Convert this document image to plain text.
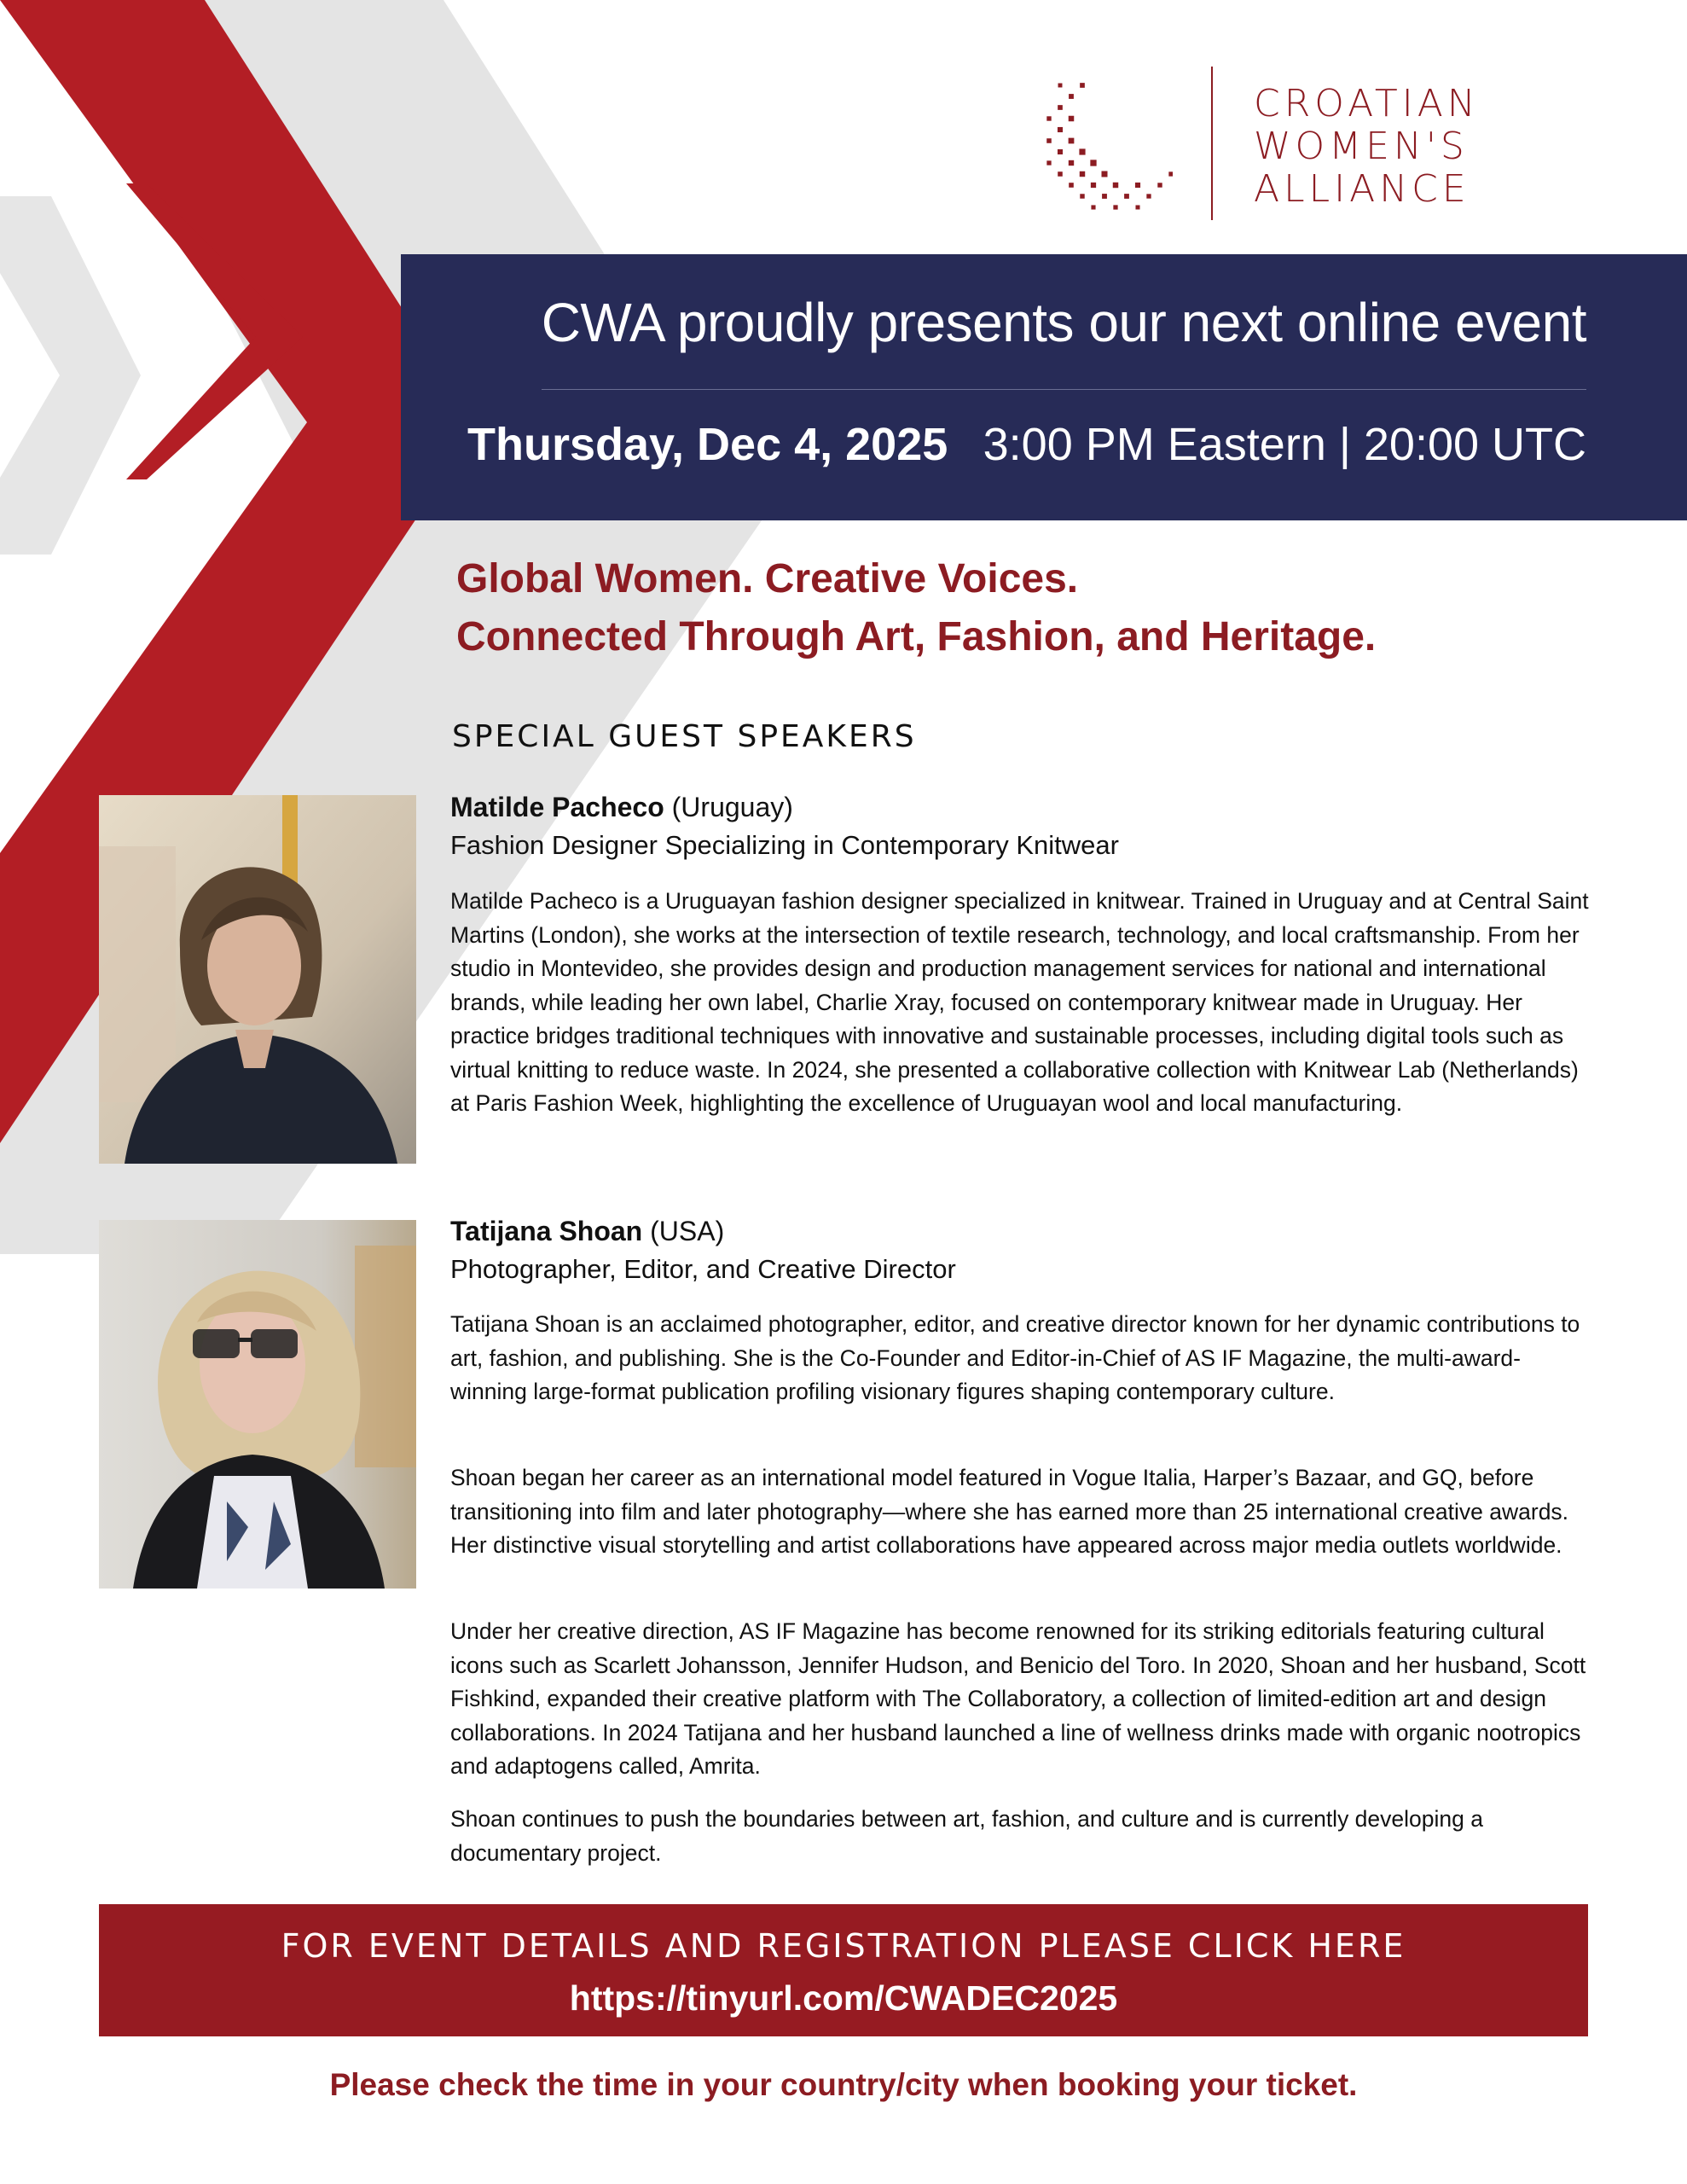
CROATIAN
WOMEN'S
ALLIANCE
CWA proudly presents our next online event
Thursday, Dec 4, 2025 3:00 PM Eastern | 20:00 UTC
Global Women. Creative Voices.
Connected Through Art, Fashion, and Heritage.
SPECIAL GUEST SPEAKERS
Matilde Pacheco (Uruguay)
Fashion Designer Specializing in Contemporary Knitwear

Matilde Pacheco is a Uruguayan fashion designer specialized in knitwear. Trained in Uruguay and at Central Saint Martins (London), she works at the intersection of textile research, technology, and local craftsmanship. From her studio in Montevideo, she provides design and production management services for national and international brands, while leading her own label, Charlie Xray, focused on contemporary knitwear made in Uruguay. Her practice bridges traditional techniques with innovative and sustainable processes, including digital tools such as virtual knitting to reduce waste. In 2024, she presented a collaborative collection with Knitwear Lab (Netherlands) at Paris Fashion Week, highlighting the excellence of Uruguayan wool and local manufacturing.

Tatijana Shoan (USA)
Photographer, Editor, and Creative Director

Tatijana Shoan is an acclaimed photographer, editor, and creative director known for her dynamic contributions to art, fashion, and publishing. She is the Co-Founder and Editor-in-Chief of AS IF Magazine, the multi-award-winning large-format publication profiling visionary figures shaping contemporary culture.

Shoan began her career as an international model featured in Vogue Italia, Harper’s Bazaar, and GQ, before transitioning into film and later photography—where she has earned more than 25 international creative awards. Her distinctive visual storytelling and artist collaborations have appeared across major media outlets worldwide.

Under her creative direction, AS IF Magazine has become renowned for its striking editorials featuring cultural icons such as Scarlett Johansson, Jennifer Hudson, and Benicio del Toro. In 2020, Shoan and her husband, Scott Fishkind, expanded their creative platform with The Collaboratory, a collection of limited-edition art and design collaborations. In 2024 Tatijana and her husband launched a line of wellness drinks made with organic nootropics and adaptogens called, Amrita.

Shoan continues to push the boundaries between art, fashion, and culture and is currently developing a documentary project.

FOR EVENT DETAILS AND REGISTRATION PLEASE CLICK HERE
https://tinyurl.com/CWADEC2025
Please check the time in your country/city when booking your ticket.
